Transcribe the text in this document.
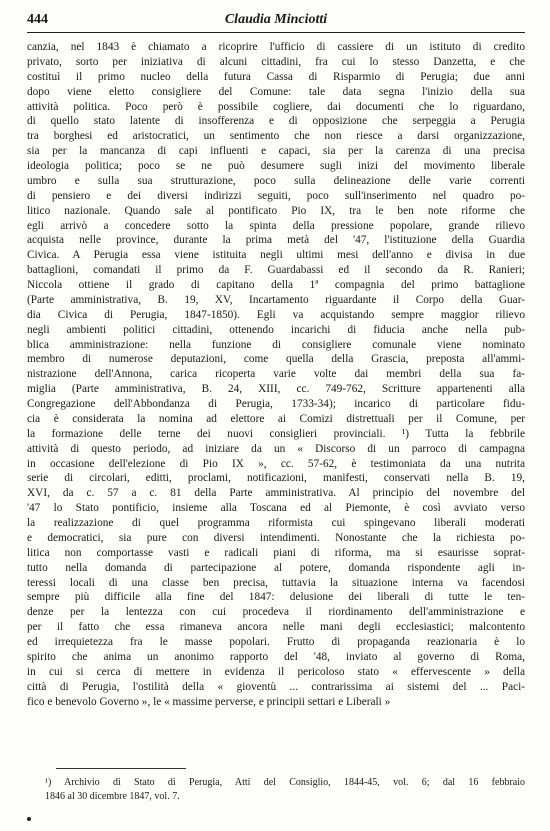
444	Claudia Minciotti
canzia, nel 1843 è chiamato a ricoprire l'ufficio di cassiere di un istituto di credito
privato, sorto per iniziativa di alcuni cittadini, fra cui lo stesso Danzetta, e che
costituì il primo nucleo della futura Cassa di Risparmio di Perugia; due anni
dopo viene eletto consigliere del Comune: tale data segna l'inizio della sua
attività politica. Poco però è possibile cogliere, dai documenti che lo riguardano,
di quello stato latente di insofferenza e di opposizione che serpeggia a Perugia
tra borghesi ed aristocratici, un sentimento che non riesce a darsi organizzazione,
sia per la mancanza di capi influenti e capaci, sia per la carenza di una precisa
ideologia politica; poco se ne può desumere sugli inizi del movimento liberale
umbro e sulla sua strutturazione, poco sulla delineazione delle varie correnti
di pensiero e dei diversi indirizzi seguiti, poco sull'inserimento nel quadro po-
litico nazionale. Quando sale al pontificato Pio IX, tra le ben note riforme che
egli arrivò a concedere sotto la spinta della pressione popolare, grande rilievo
acquista nelle province, durante la prima metà del '47, l'istituzione della Guardia
Civica. A Perugia essa viene istituita negli ultimi mesi dell'anno e divisa in due
battaglioni, comandati il primo da F. Guardabassi ed il secondo da R. Ranieri;
Niccola ottiene il grado di capitano della 1ª compagnia del primo battaglione
(Parte amministrativa, B. 19, XV, Incartamento riguardante il Corpo della Guar-
dia Civica di Perugia, 1847-1850). Egli va acquistando sempre maggior rilievo
negli ambienti politici cittadini, ottenendo incarichi di fiducia anche nella pub-
blica amministrazione: nella funzione di consigliere comunale viene nominato
membro di numerose deputazioni, come quella della Grascia, preposta all'ammi-
nistrazione dell'Annona, carica ricoperta varie volte dai membri della sua fa-
miglia (Parte amministrativa, B. 24, XIII, cc. 749-762, Scritture appartenenti alla
Congregazione dell'Abbondanza di Perugia, 1733-34); incarico di particolare fidu-
cia è considerata la nomina ad elettore ai Comizi distrettuali per il Comune, per
la formazione delle terne dei nuovi consiglieri provinciali. ¹) Tutta la febbrile
attività di questo periodo, ad iniziare da un « Discorso di un parroco di campagna
in occasione dell'elezione di Pio IX », cc. 57-62, è testimoniata da una nutrita
serie di circolari, editti, proclami, notificazioni, manifesti, conservati nella B. 19,
XVI, da c. 57 a c. 81 della Parte amministrativa. Al principio del novembre del
'47 lo Stato pontificio, insieme alla Toscana ed al Piemonte, è così avviato verso
la realizzazione di quel programma riformista cui spingevano liberali moderati
e democratici, sia pure con diversi intendimenti. Nonostante che la richiesta po-
litica non comportasse vasti e radicali piani di riforma, ma si esaurisse soprat-
tutto nella domanda di partecipazione al potere, domanda rispondente agli in-
teressi locali di una classe ben precisa, tuttavia la situazione interna va facendosi
sempre più difficile alla fine del 1847: delusione dei liberali di tutte le ten-
denze per la lentezza con cui procedeva il riordinamento dell'amministrazione e
per il fatto che essa rimaneva ancora nelle mani degli ecclesiastici; malcontento
ed irrequietezza fra le masse popolari. Frutto di propaganda reazionaria è lo
spirito che anima un anonimo rapporto del '48, inviato al governo di Roma,
in cui si cerca di mettere in evidenza il pericoloso stato « effervescente » della
città di Perugia, l'ostilità della « gioventù ... contrarissima ai sistemi del ... Paci-
fico e benevolo Governo », le « massime perverse, e principii settari e Liberali »
¹) Archivio di Stato di Perugia, Atti del Consiglio, 1844-45, vol. 6; dal 16 febbraio
1846 al 30 dicembre 1847, vol. 7.
